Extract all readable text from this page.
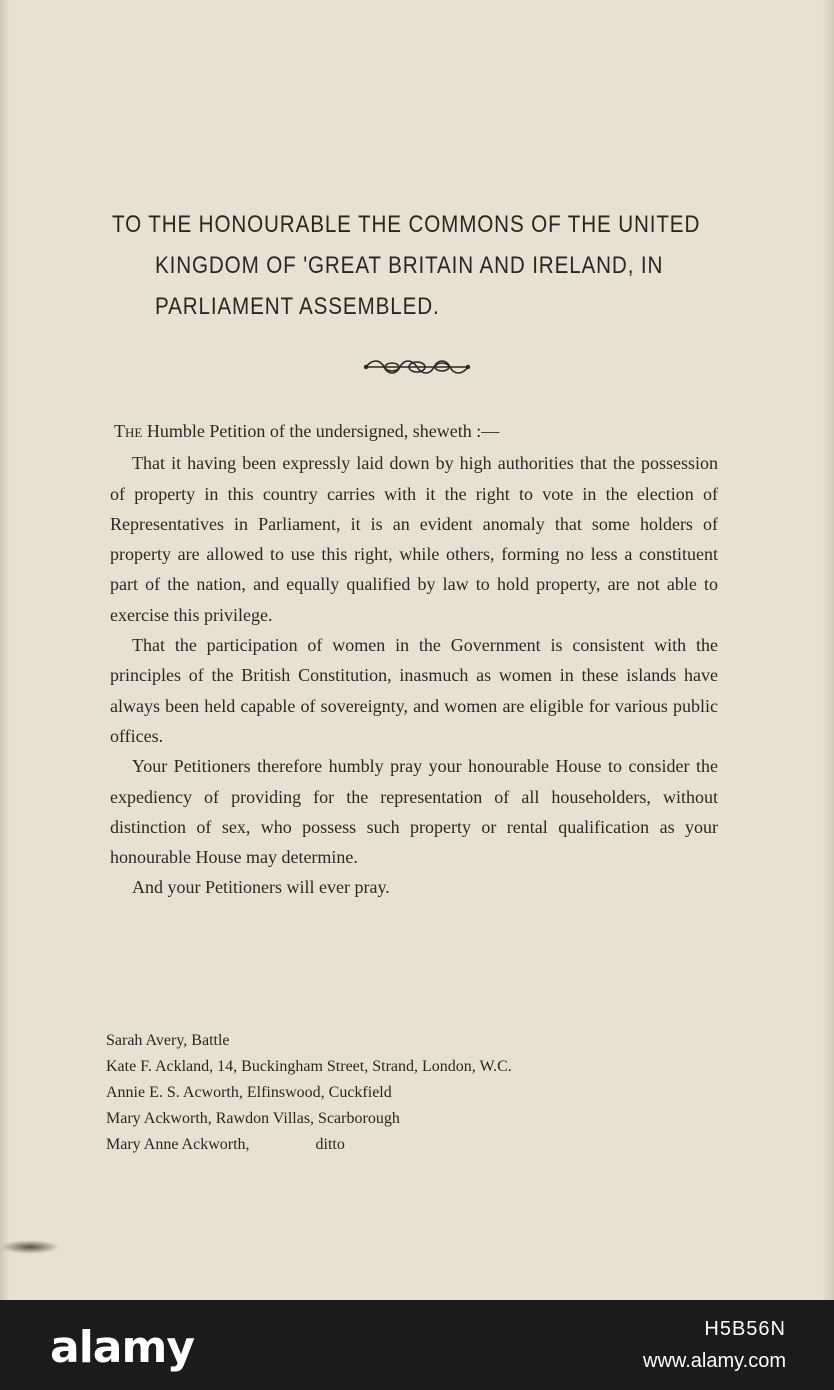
TO THE HONOURABLE THE COMMONS OF THE UNITED
KINGDOM OF 'GREAT BRITAIN AND IRELAND, IN
PARLIAMENT ASSEMBLED.

The Humble Petition of the undersigned, sheweth :—

That it having been expressly laid down by high authorities that the possession of property in this country carries with it the right to vote in the election of Representatives in Parliament, it is an evident anomaly that some holders of property are allowed to use this right, while others, forming no less a constituent part of the nation, and equally qualified by law to hold property, are not able to exercise this privilege.

That the participation of women in the Government is consistent with the principles of the British Constitution, inasmuch as women in these islands have always been held capable of sovereignty, and women are eligible for various public offices.

Your Petitioners therefore humbly pray your honourable House to consider the expediency of providing for the representation of all householders, without distinction of sex, who possess such property or rental qualification as your honourable House may determine.

And your Petitioners will ever pray.

Sarah Avery, Battle
Kate F. Ackland, 14, Buckingham Street, Strand, London, W.C.
Annie E. S. Acworth, Elfinswood, Cuckfield
Mary Ackworth, Rawdon Villas, Scarborough
Mary Anne Ackworth,	ditto
alamy	H5B56N
www.alamy.com
